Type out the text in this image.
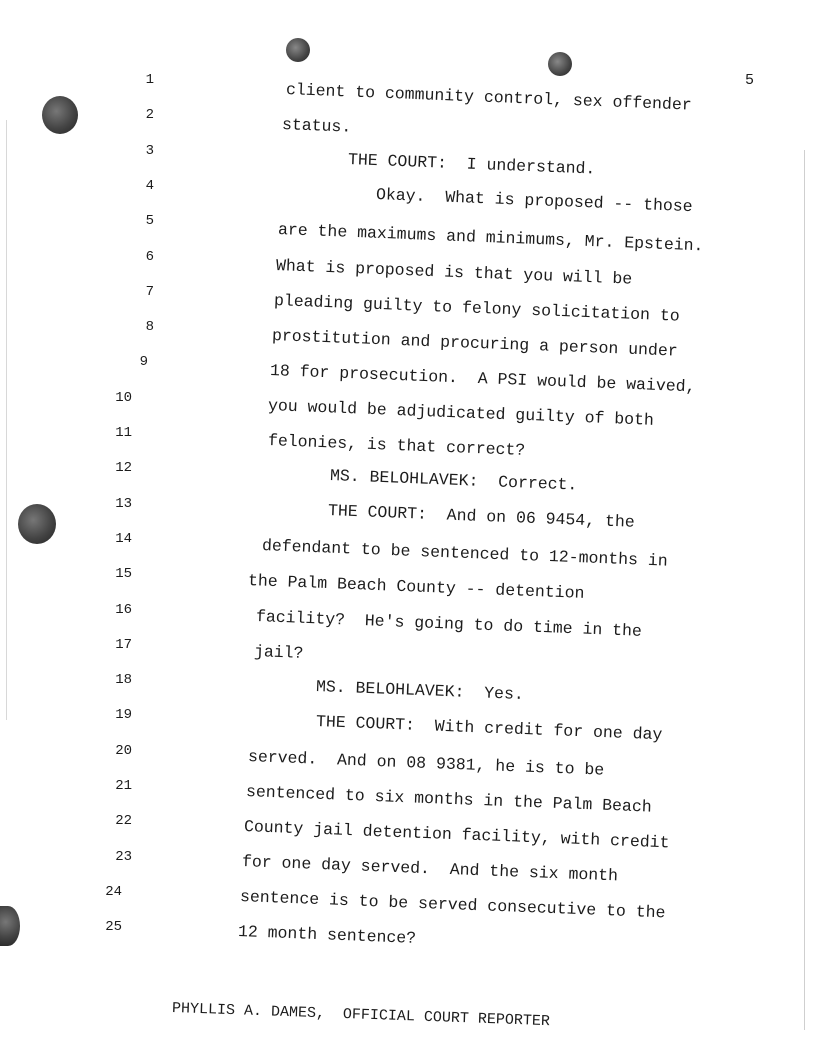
5
1
2
3
4
5
6
7
8
9
10
11
12
13
14
15
16
17
18
19
20
21
22
23
24
25
client to community control, sex offender
status.
THE COURT:  I understand.
Okay.  What is proposed -- those
are the maximums and minimums, Mr. Epstein.
What is proposed is that you will be
pleading guilty to felony solicitation to
prostitution and procuring a person under
18 for prosecution.  A PSI would be waived,
you would be adjudicated guilty of both
felonies, is that correct?
MS. BELOHLAVEK:  Correct.
THE COURT:  And on 06 9454, the
defendant to be sentenced to 12-months in
the Palm Beach County -- detention
facility?  He's going to do time in the
jail?
MS. BELOHLAVEK:  Yes.
THE COURT:  With credit for one day
served.  And on 08 9381, he is to be
sentenced to six months in the Palm Beach
County jail detention facility, with credit
for one day served.  And the six month
sentence is to be served consecutive to the
12 month sentence?
PHYLLIS A. DAMES,  OFFICIAL COURT REPORTER
